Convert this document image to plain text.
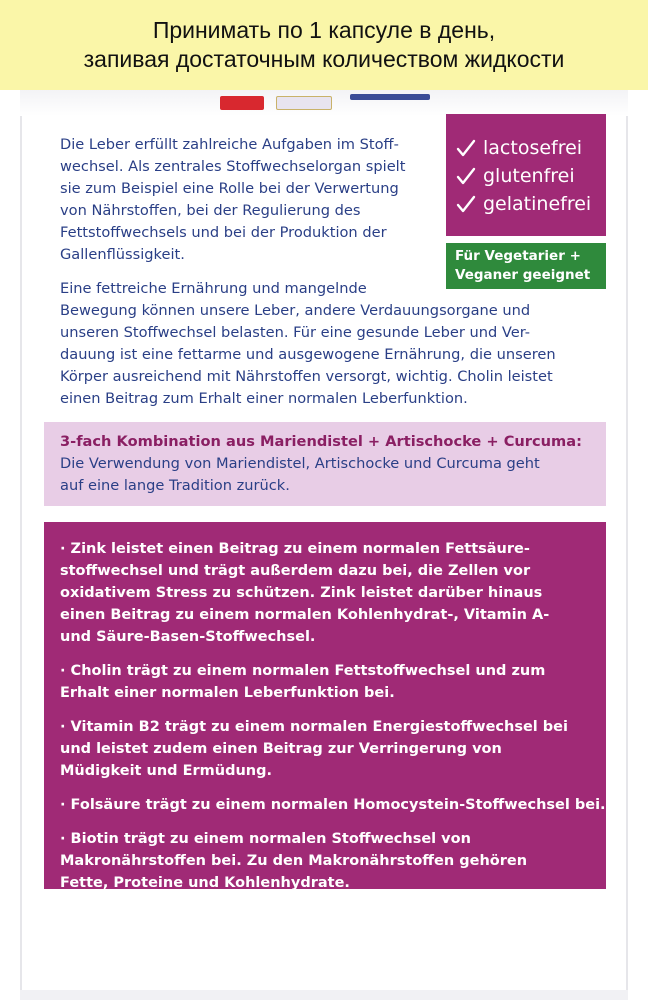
Принимать по 1 капсуле в день,
запивая достаточным количеством жидкости
Die Leber erfüllt zahlreiche Aufgaben im Stoff-
wechsel. Als zentrales Stoffwechselorgan spielt
sie zum Beispiel eine Rolle bei der Verwertung
von Nährstoffen, bei der Regulierung des
Fettstoffwechsels und bei der Produktion der
Gallenflüssigkeit.
lactosefrei
glutenfrei
gelatinefrei
Für Vegetarier +
Veganer geeignet
Eine fettreiche Ernährung und mangelnde
Bewegung können unsere Leber, andere Verdauungsorgane und
unseren Stoffwechsel belasten. Für eine gesunde Leber und Ver-
dauung ist eine fettarme und ausgewogene Ernährung, die unseren
Körper ausreichend mit Nährstoffen versorgt, wichtig. Cholin leistet
einen Beitrag zum Erhalt einer normalen Leberfunktion.
3-fach Kombination aus Mariendistel + Artischocke + Curcuma:
Die Verwendung von Mariendistel, Artischocke und Curcuma geht
auf eine lange Tradition zurück.
· Zink leistet einen Beitrag zu einem normalen Fettsäure-
stoffwechsel und trägt außerdem dazu bei, die Zellen vor
oxidativem Stress zu schützen. Zink leistet darüber hinaus
einen Beitrag zu einem normalen Kohlenhydrat-, Vitamin A-
und Säure-Basen-Stoffwechsel.
· Cholin trägt zu einem normalen Fettstoffwechsel und zum
Erhalt einer normalen Leberfunktion bei.
· Vitamin B2 trägt zu einem normalen Energiestoffwechsel bei
und leistet zudem einen Beitrag zur Verringerung von
Müdigkeit und Ermüdung.
· Folsäure trägt zu einem normalen Homocystein-Stoffwechsel bei.
· Biotin trägt zu einem normalen Stoffwechsel von
Makronährstoffen bei. Zu den Makronährstoffen gehören
Fette, Proteine und Kohlenhydrate.
